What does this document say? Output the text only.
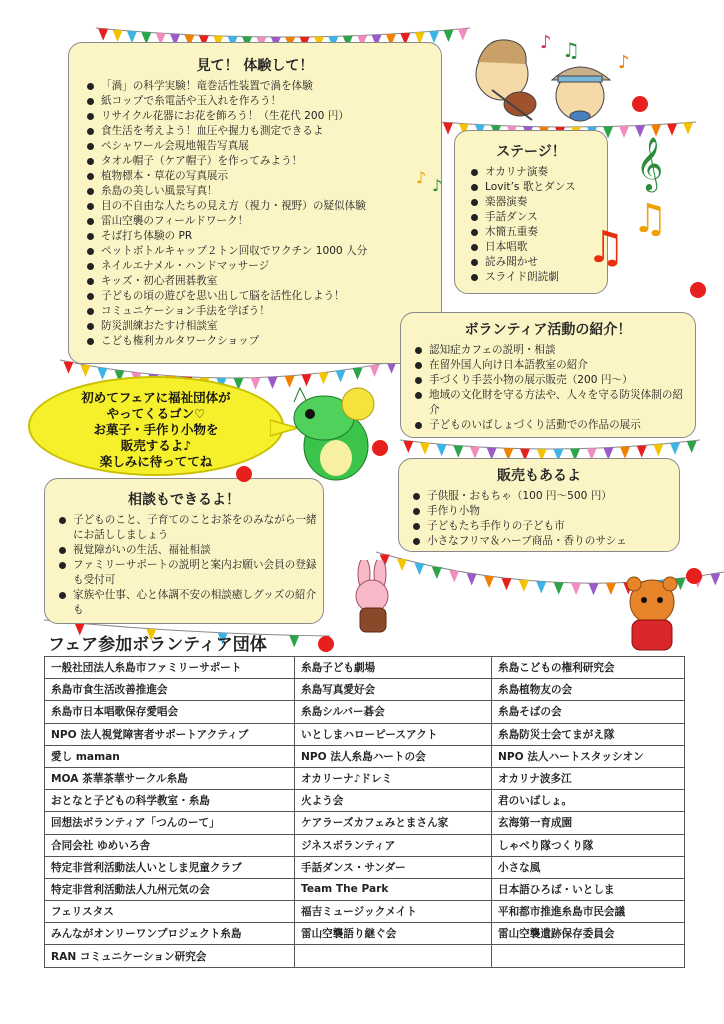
見て！ 体験して！
「渦」の科学実験！竜巻活性装置で渦を体験
紙コップで糸電話や玉入れを作ろう！
リサイクル花器にお花を飾ろう！（生花代 200 円）
食生活を考えよう！血圧や握力も測定できるよ
ペシャワール会現地報告写真展
タオル帽子（ケア帽子）を作ってみよう！
植物標本・草花の写真展示
糸島の美しい風景写真！
目の不自由な人たちの見え方（視力・視野）の疑似体験
雷山空襲のフィールドワーク！
そば打ち体験の PR
ペットボトルキャップ２トン回収でワクチン 1000 人分
ネイルエナメル・ハンドマッサージ
キッズ・初心者囲碁教室
子どもの頃の遊びを思い出して脳を活性化しよう！
コミュニケーション手法を学ぼう！
防災訓練おたすけ相談室
こども権利カルタワークショップ
ステージ！
オカリナ演奏
Lovit’s 歌とダンス
楽器演奏
手話ダンス
木簡五重奏
日本唱歌
読み聞かせ
スライド朗読劇
ボランティア活動の紹介！
認知症カフェの説明・相談
在留外国人向け日本語教室の紹介
手づくり手芸小物の展示販売（200 円〜）
地域の文化財を守る方法や、人々を守る防災体制の紹介
子どものいばしょづくり活動での作品の展示
販売もあるよ
子供服・おもちゃ（100 円〜500 円）
手作り小物
子どもたち手作りの子ども市
小さなフリマ＆ハーブ商品・香りのサシェ
相談もできるよ！
子どものこと、子育てのことお茶をのみながら一緒にお話ししましょう
視覚障がいの生活、福祉相談
ファミリーサポートの説明と案内お願い会員の登録も受付可
家族や仕事、心と体調不安の相談癒しグッズの紹介も
初めてフェアに福祉団体が
やってくるゴン♡
お菓子・手作り小物を
販売するよ♪
楽しみに待っててね
𝄞
♫
♫
♪ ♫
♪
♪ ♪
フェア参加ボランティア団体
一般社団法人糸島市ファミリーサポート	糸島子ども劇場	糸島こどもの権利研究会
糸島市食生活改善推進会	糸島写真愛好会	糸島植物友の会
糸島市日本唱歌保存愛唱会	糸島シルバー碁会	糸島そばの会
NPO 法人視覚障害者サポートアクティブ	いとしまハローピースアクト	糸島防災士会てまがえ隊
愛し maman	NPO 法人糸島ハートの会	NPO 法人ハートスタッシオン
MOA 茶華茶華サークル糸島	オカリーナ♪ドレミ	オカリナ波多江
おとなと子どもの科学教室・糸島	火よう会	君のいばしょ。
回想法ボランティア「つんのーて」	ケアラーズカフェみとまさん家	玄海第一育成園
合同会社 ゆめいろ舎	ジネスボランティア	しゃべり隊つくり隊
特定非営利活動法人いとしま児童クラブ	手話ダンス・サンダー	小さな風
特定非営利活動法人九州元気の会	Team The Park	日本語ひろば・いとしま
フェリスタス	福吉ミュージックメイト	平和都市推進糸島市民会議
みんながオンリーワンプロジェクト糸島	雷山空襲語り継ぐ会	雷山空襲遺跡保存委員会
RAN コミュニケーション研究会		
